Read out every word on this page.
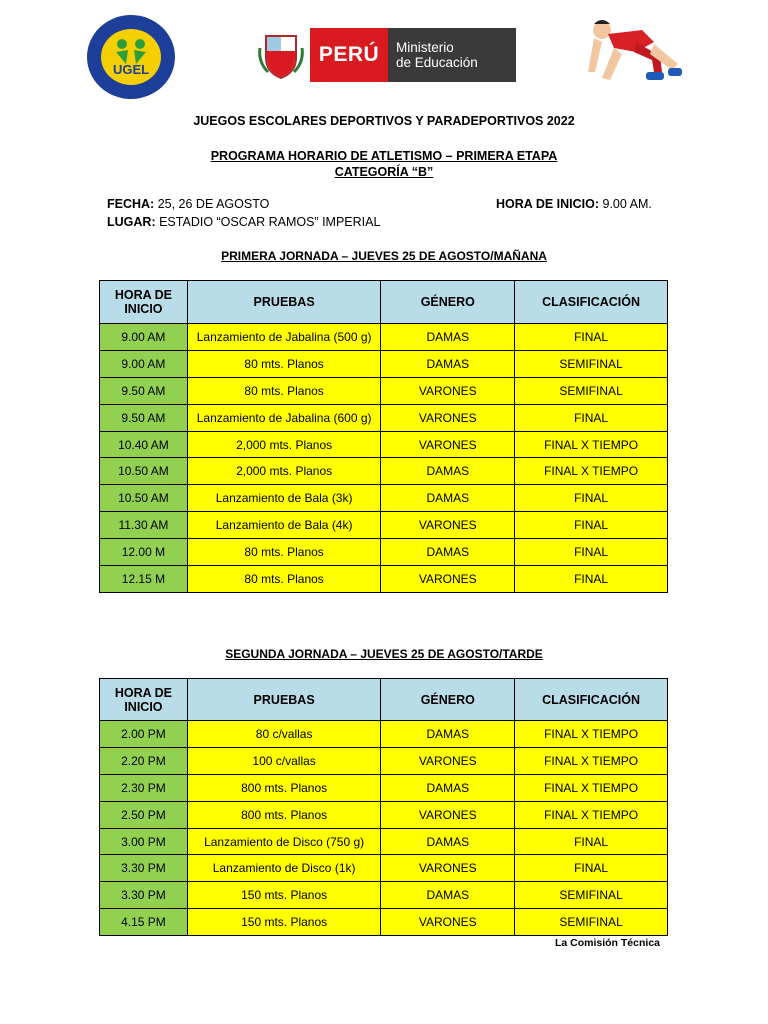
UGEL
PERÚ	Ministerio
de Educación
JUEGOS ESCOLARES DEPORTIVOS Y PARADEPORTIVOS 2022
PROGRAMA HORARIO DE ATLETISMO – PRIMERA ETAPA
CATEGORÍA “B”
FECHA: 25, 26 DE AGOSTO
LUGAR: ESTADIO “OSCAR RAMOS” IMPERIAL
HORA DE INICIO: 9.00 AM.
PRIMERA JORNADA – JUEVES 25 DE AGOSTO/MAÑANA
HORA DE
INICIO	PRUEBAS	GÉNERO	CLASIFICACIÓN
9.00 AM	Lanzamiento de Jabalina (500 g)	DAMAS	FINAL
9.00 AM	80 mts. Planos	DAMAS	SEMIFINAL
9.50 AM	80 mts. Planos	VARONES	SEMIFINAL
9.50 AM	Lanzamiento de Jabalina (600 g)	VARONES	FINAL
10.40 AM	2,000 mts. Planos	VARONES	FINAL X TIEMPO
10.50 AM	2,000 mts. Planos	DAMAS	FINAL X TIEMPO
10.50 AM	Lanzamiento de Bala (3k)	DAMAS	FINAL
11.30 AM	Lanzamiento de Bala (4k)	VARONES	FINAL
12.00 M	80 mts. Planos	DAMAS	FINAL
12.15 M	80 mts. Planos	VARONES	FINAL
SEGUNDA JORNADA – JUEVES 25 DE AGOSTO/TARDE
HORA DE
INICIO	PRUEBAS	GÉNERO	CLASIFICACIÓN
2.00 PM	80 c/vallas	DAMAS	FINAL X TIEMPO
2.20 PM	100 c/vallas	VARONES	FINAL X TIEMPO
2.30 PM	800 mts. Planos	DAMAS	FINAL X TIEMPO
2.50 PM	800 mts. Planos	VARONES	FINAL X TIEMPO
3.00 PM	Lanzamiento de Disco (750 g)	DAMAS	FINAL
3.30 PM	Lanzamiento de Disco (1k)	VARONES	FINAL
3.30 PM	150 mts. Planos	DAMAS	SEMIFINAL
4.15 PM	150 mts. Planos	VARONES	SEMIFINAL
La Comisión Técnica
